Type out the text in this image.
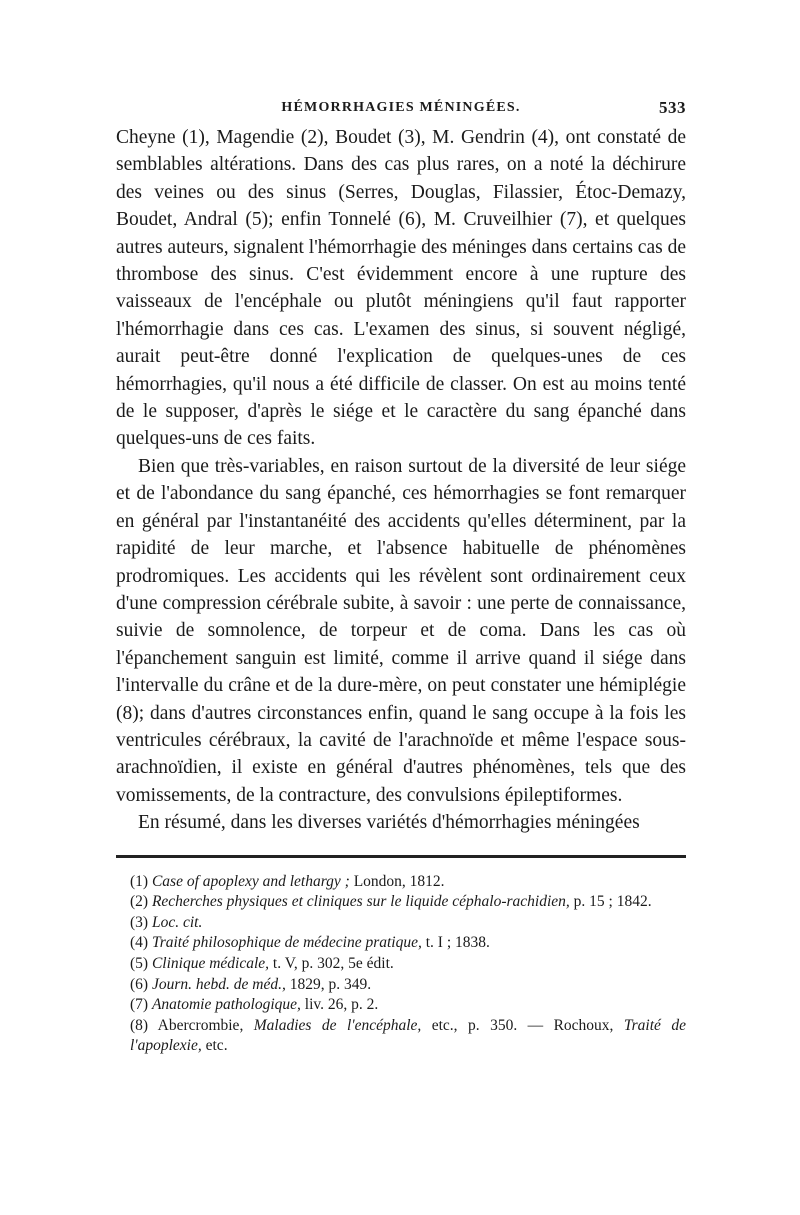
HÉMORRHAGIES MÉNINGÉES.	533

Cheyne (1), Magendie (2), Boudet (3), M. Gendrin (4), ont constaté de semblables altérations. Dans des cas plus rares, on a noté la déchirure des veines ou des sinus (Serres, Douglas, Filassier, Étoc-Demazy, Boudet, Andral (5); enfin Tonnelé (6), M. Cruveilhier (7), et quelques autres auteurs, signalent l'hémorrhagie des méninges dans certains cas de thrombose des sinus. C'est évidemment encore à une rupture des vaisseaux de l'encéphale ou plutôt méningiens qu'il faut rapporter l'hémorrhagie dans ces cas. L'examen des sinus, si souvent négligé, aurait peut-être donné l'explication de quelques-unes de ces hémorrhagies, qu'il nous a été difficile de classer. On est au moins tenté de le supposer, d'après le siége et le caractère du sang épanché dans quelques-uns de ces faits.

Bien que très-variables, en raison surtout de la diversité de leur siége et de l'abondance du sang épanché, ces hémorrhagies se font remarquer en général par l'instantanéité des accidents qu'elles déterminent, par la rapidité de leur marche, et l'absence habituelle de phénomènes prodromiques. Les accidents qui les révèlent sont ordinairement ceux d'une compression cérébrale subite, à savoir : une perte de connaissance, suivie de somnolence, de torpeur et de coma. Dans les cas où l'épanchement sanguin est limité, comme il arrive quand il siége dans l'intervalle du crâne et de la dure-mère, on peut constater une hémiplégie (8); dans d'autres circonstances enfin, quand le sang occupe à la fois les ventricules cérébraux, la cavité de l'arachnoïde et même l'espace sous-arachnoïdien, il existe en général d'autres phénomènes, tels que des vomissements, de la contracture, des convulsions épileptiformes.

En résumé, dans les diverses variétés d'hémorrhagies méningées

(1) Case of apoplexy and lethargy ; London, 1812.

(2) Recherches physiques et cliniques sur le liquide céphalo-rachidien, p. 15 ; 1842.

(3) Loc. cit.

(4) Traité philosophique de médecine pratique, t. I ; 1838.

(5) Clinique médicale, t. V, p. 302, 5e édit.

(6) Journ. hebd. de méd., 1829, p. 349.

(7) Anatomie pathologique, liv. 26, p. 2.

(8) Abercrombie, Maladies de l'encéphale, etc., p. 350. — Rochoux, Traité de l'apoplexie, etc.
